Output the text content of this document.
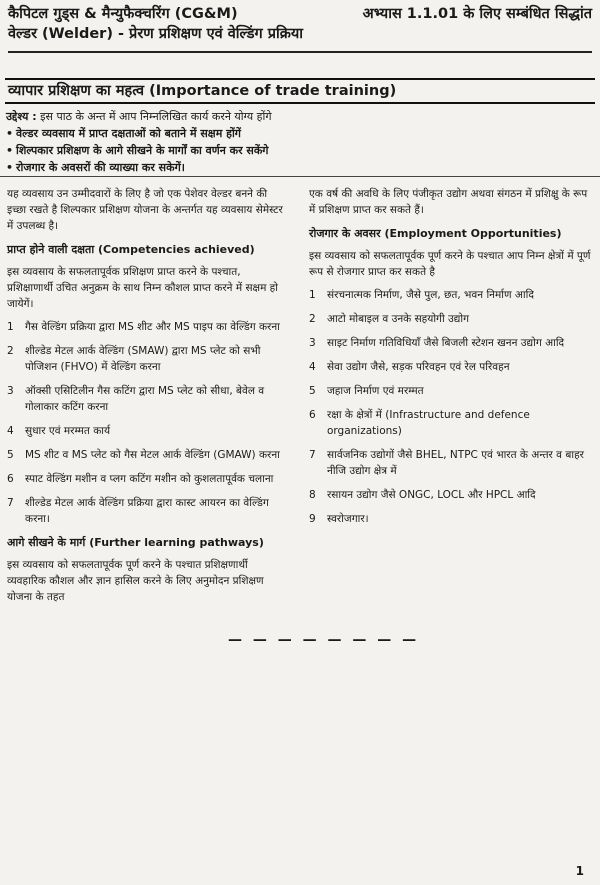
कैपिटल गुड्स & मैन्युफैक्चरिंग (CG&M)
वेल्डर (Welder) - प्रेरण प्रशिक्षण एवं वेल्डिंग प्रक्रिया
अभ्यास 1.1.01 के लिए सम्बंधित सिद्धांत
व्यापार प्रशिक्षण का महत्व (Importance of trade training)
उद्देश्य : इस पाठ के अन्त में आप निम्नलिखित कार्य करने योग्य होंगे
• वेल्डर व्यवसाय में प्राप्त दक्षताओं को बताने में सक्षम होंगें
• शिल्पकार प्रशिक्षण के आगे सीखने के मार्गों का वर्णन कर सकेंगे
• रोजगार के अवसरों की व्याख्या कर सकेगें।

यह व्यवसाय उन उम्मीदवारों के लिए है जो एक पेशेवर वेल्डर बनने की इच्छा रखते है शिल्पकार प्रशिक्षण योजना के अन्तर्गत यह व्यवसाय सेमेस्टर में उपलब्ध है।

प्राप्त होने वाली दक्षता (Competencies achieved)

इस व्यवसाय के सफलतापूर्वक प्रशिक्षण प्राप्त करने के पश्चात, प्रशिक्षाणार्थी उचित अनुक्रम के साथ निम्न कौशल प्राप्त करने में सक्षम हो जायेगें।

1	गैस वेल्डिंग प्रक्रिया द्वारा MS शीट और MS पाइप का वेल्डिंग करना
2	शील्डेड मेटल आर्क वेल्डिंग (SMAW) द्वारा MS प्लेट को सभी पोजिशन (FHVO) में वेल्डिंग करना
3	ऑक्सी एसिटिलीन गैस कटिंग द्वारा MS प्लेट को सीधा, बेवेल व गोलाकार कटिंग करना
4	सुधार एवं मरम्मत कार्य
5	MS शीट व MS प्लेट को गैस मेटल आर्क वेल्डिंग (GMAW) करना
6	स्पाट वेल्डिंग मशीन व प्लग कटिंग मशीन को कुशलतापूर्वक चलाना
7	शील्डेड मेटल आर्क वेल्डिंग प्रक्रिया द्वारा कास्ट आयरन का वेल्डिंग करना।
आगे सीखने के मार्ग (Further learning pathways)

इस व्यवसाय को सफलतापूर्वक पूर्ण करने के पश्चात प्रशिक्षणार्थी व्यवहारिक कौशल और ज्ञान हासिल करने के लिए अनुमोदन प्रशिक्षण योजना के तहत

एक वर्ष की अवधि के लिए पंजीकृत उद्योग अथवा संगठन में प्रशिक्षु के रूप में प्रशिक्षण प्राप्त कर सकते हैं।

रोजगार के अवसर (Employment Opportunities)

इस व्यवसाय को सफलतापूर्वक पूर्ण करने के पश्चात आप निम्न क्षेत्रों में पूर्ण रूप से रोजगार प्राप्त कर सकते है

1	संरचनात्मक निर्माण, जैसे पुल, छत, भवन निर्माण आदि
2	आटो मोबाइल व उनके सहयोगी उद्योग
3	साइट निर्माण गतिविधियाँ जैसे बिजली स्टेशन खनन उद्योग आदि
4	सेवा उद्योग जैसे, सड़क परिवहन एवं रेल परिवहन
5	जहाज निर्माण एवं मरम्मत
6	रक्षा के क्षेत्रों में (Infrastructure and defence organizations)
7	सार्वजनिक उद्योगों जैसे BHEL, NTPC एवं भारत के अन्तर व बाहर नीजि उद्योग क्षेत्र में
8	रसायन उद्योग जैसे ONGC, LOCL और HPCL आदि
9	स्वरोजगार।
— — — — — — — —
1
